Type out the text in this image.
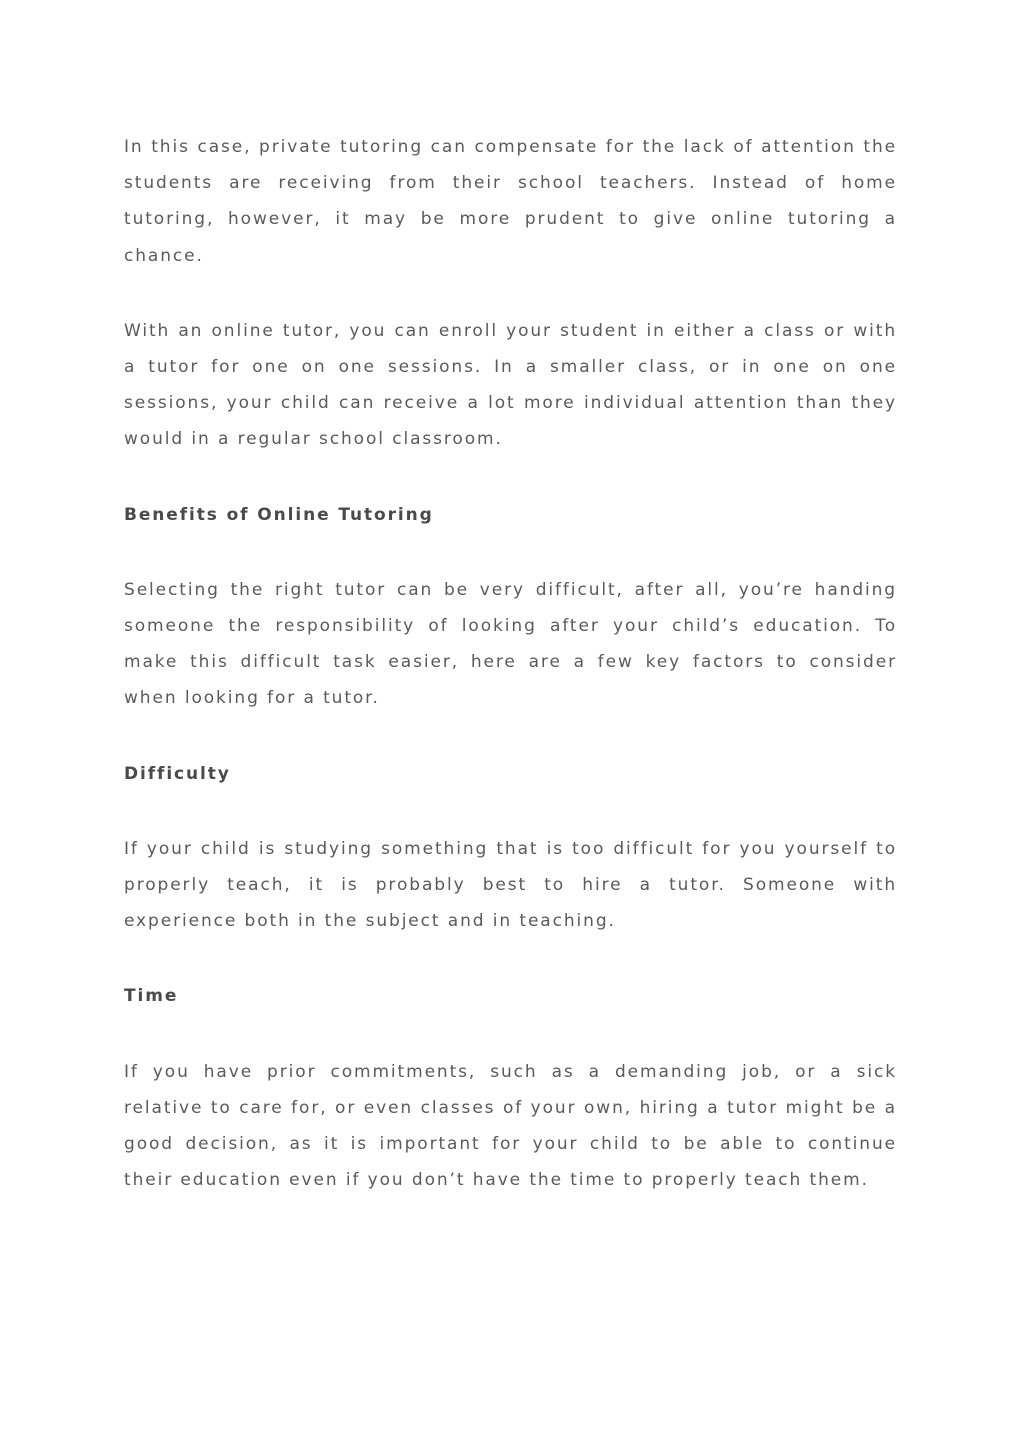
In this case, private tutoring can compensate for the lack of attention the students are receiving from their school teachers. Instead of home tutoring, however, it may be more prudent to give online tutoring a chance.

With an online tutor, you can enroll your student in either a class or with a tutor for one on one sessions. In a smaller class, or in one on one sessions, your child can receive a lot more individual attention than they would in a regular school classroom.

Benefits of Online Tutoring

Selecting the right tutor can be very difficult, after all, you’re handing someone the responsibility of looking after your child’s education. To make this difficult task easier, here are a few key factors to consider when looking for a tutor.

Difficulty

If your child is studying something that is too difficult for you yourself to properly teach, it is probably best to hire a tutor. Someone with experience both in the subject and in teaching.

Time

If you have prior commitments, such as a demanding job, or a sick relative to care for, or even classes of your own, hiring a tutor might be a good decision, as it is important for your child to be able to continue their education even if you don’t have the time to properly teach them.
